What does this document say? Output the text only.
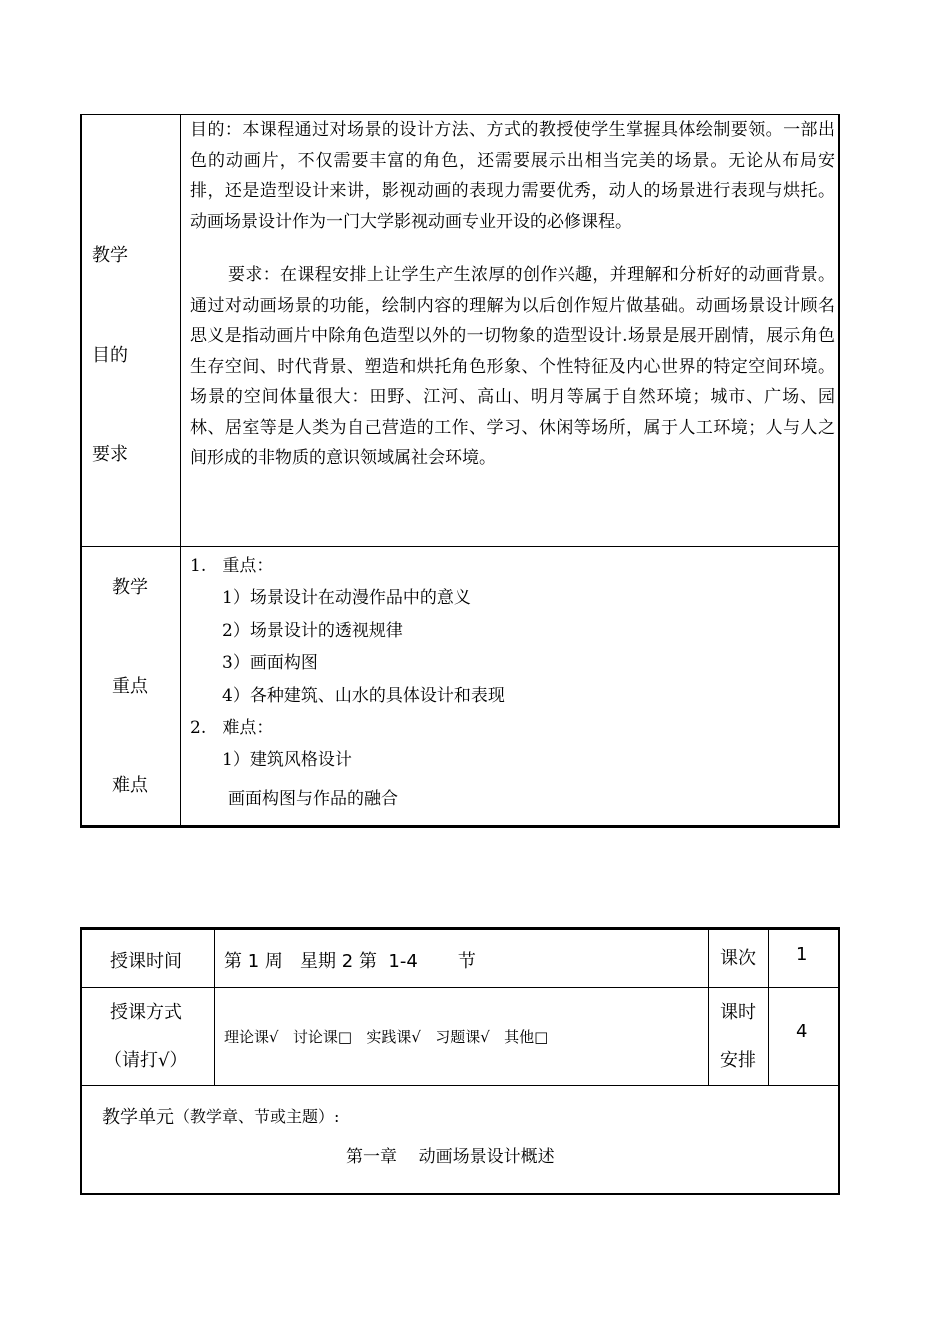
教学
目的
要求

目的：本课程通过对场景的设计方法、方式的教授使学生掌握具体绘制要领。一部出色的动画片，不仅需要丰富的角色，还需要展示出相当完美的场景。无论从布局安排，还是造型设计来讲，影视动画的表现力需要优秀，动人的场景进行表现与烘托。动画场景设计作为一门大学影视动画专业开设的必修课程。

要求：在课程安排上让学生产生浓厚的创作兴趣，并理解和分析好的动画背景。通过对动画场景的功能，绘制内容的理解为以后创作短片做基础。动画场景设计顾名思义是指动画片中除角色造型以外的一切物象的造型设计.场景是展开剧情，展示角色生存空间、时代背景、塑造和烘托角色形象、个性特征及内心世界的特定空间环境。场景的空间体量很大：田野、江河、高山、明月等属于自然环境；城市、广场、园林、居室等是人类为自己营造的工作、学习、休闲等场所，属于人工环境；人与人之间形成的非物质的意识领域属社会环境。

教学
重点
难点
1.   重点：
1）场景设计在动漫作品中的意义
2）场景设计的透视规律
3）画面构图
4）各种建筑、山水的具体设计和表现
2.   难点：
1）建筑风格设计
画面构图与作品的融合
授课时间 第 1 周   星期 2 第  1-4       节	课次 1
授课方式
（请打√）
理论课√   讨论课□   实践课√   习题课√   其他□
课时
安排
4
教学单元 （教学章、节或主题）:
第一章    动画场景设计概述
